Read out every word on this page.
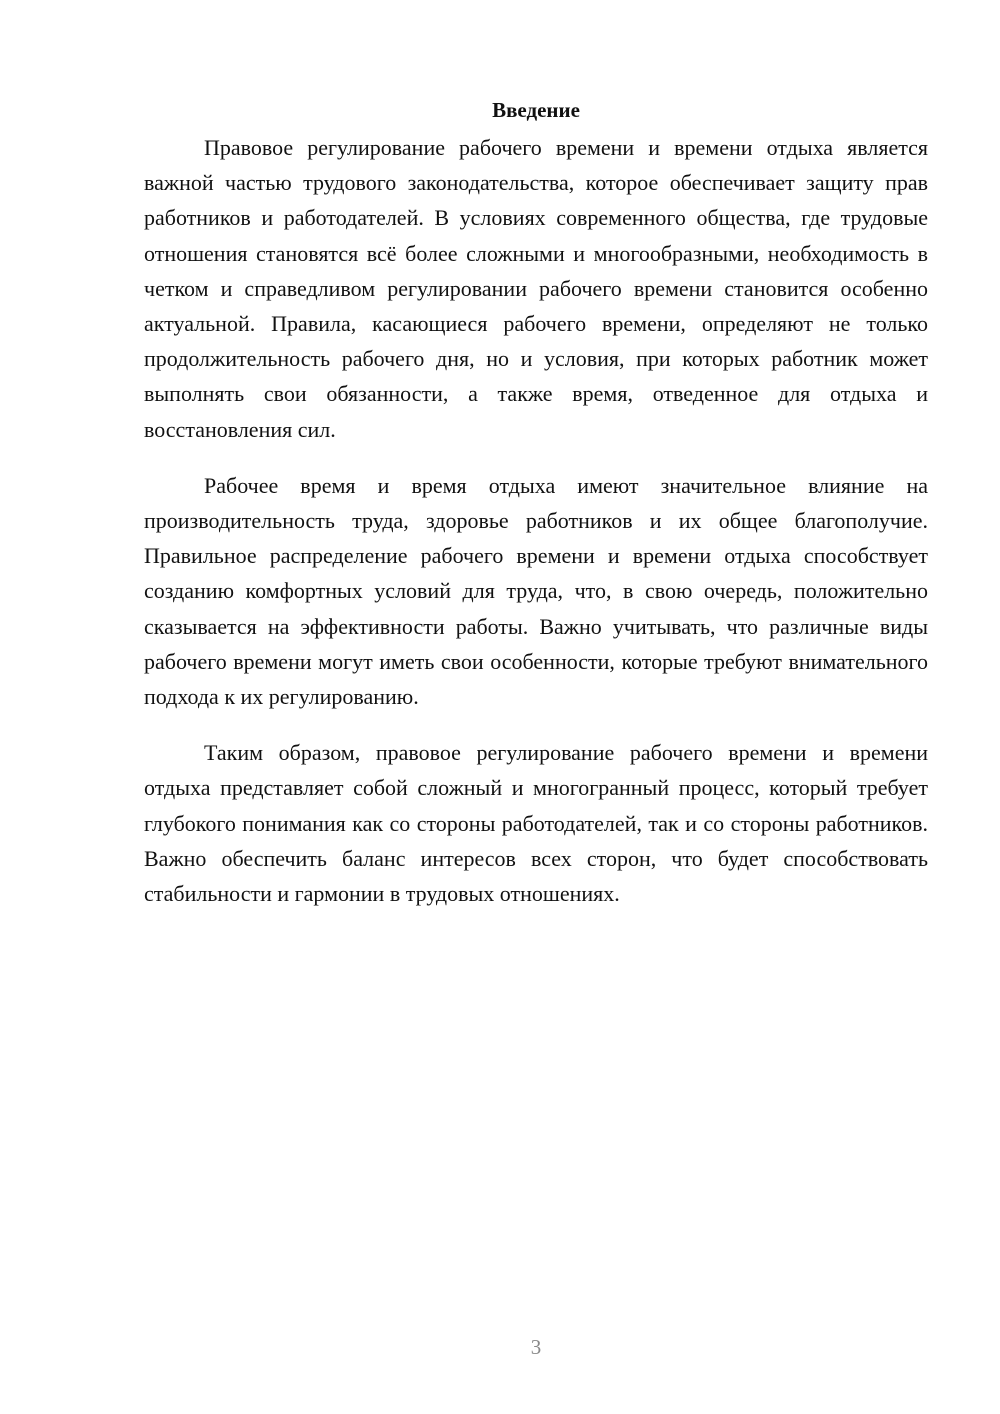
Введение

Правовое регулирование рабочего времени и времени отдыха является важной частью трудового законодательства, которое обеспечивает защиту прав работников и работодателей. В условиях современного общества, где трудовые отношения становятся всё более сложными и многообразными, необходимость в четком и справедливом регулировании рабочего времени становится особенно актуальной. Правила, касающиеся рабочего времени, определяют не только продолжительность рабочего дня, но и условия, при которых работник может выполнять свои обязанности, а также время, отведенное для отдыха и восстановления сил.

Рабочее время и время отдыха имеют значительное влияние на производительность труда, здоровье работников и их общее благополучие. Правильное распределение рабочего времени и времени отдыха способствует созданию комфортных условий для труда, что, в свою очередь, положительно сказывается на эффективности работы. Важно учитывать, что различные виды рабочего времени могут иметь свои особенности, которые требуют внимательного подхода к их регулированию.

Таким образом, правовое регулирование рабочего времени и времени отдыха представляет собой сложный и многогранный процесс, который требует глубокого понимания как со стороны работодателей, так и со стороны работников. Важно обеспечить баланс интересов всех сторон, что будет способствовать стабильности и гармонии в трудовых отношениях.

3
